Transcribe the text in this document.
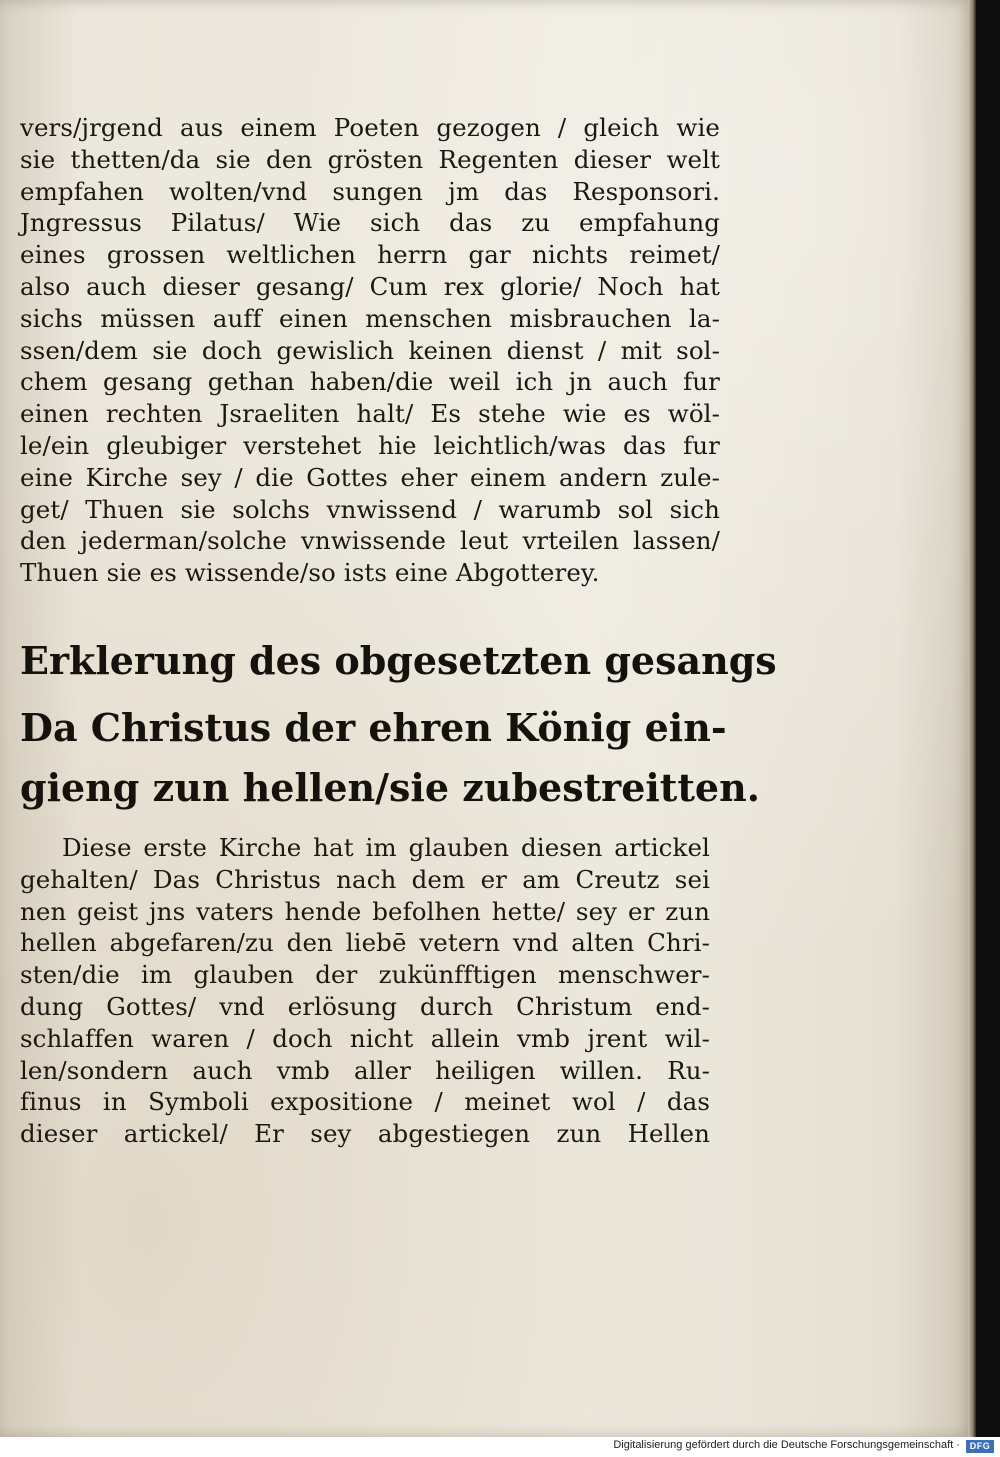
vers/jrgend aus einem Poeten gezogen / gleich wie
sie thetten/da sie den grösten Regenten dieser welt
empfahen wolten/vnd sungen jm das Responsori.
Jngressus Pilatus/ Wie sich das zu empfahung
eines grossen weltlichen herrn gar nichts reimet/
also auch dieser gesang/ Cum rex glorie/ Noch hat
sichs müssen auff einen menschen misbrauchen la-
ssen/dem sie doch gewislich keinen dienst / mit sol-
chem gesang gethan haben/die weil ich jn auch fur
einen rechten Jsraeliten halt/ Es stehe wie es wöl-
le/ein gleubiger verstehet hie leichtlich/was das fur
eine Kirche sey / die Gottes eher einem andern zule-
get/ Thuen sie solchs vnwissend / warumb sol sich
den jederman/solche vnwissende leut vrteilen lassen/
Thuen sie es wissende/so ists eine Abgotterey.
Erklerung des obgesetzten gesangs
Da Christus der ehren König ein-
gieng zun hellen/sie zubestreitten.
Diese erste Kirche hat im glauben diesen artickel
gehalten/ Das Christus nach dem er am Creutz sei
nen geist jns vaters hende befolhen hette/ sey er zun
hellen abgefaren/zu den liebē vetern vnd alten Chri-
sten/die im glauben der zukünfftigen menschwer-
dung Gottes/ vnd erlösung durch Christum end-
schlaffen waren / doch nicht allein vmb jrent wil-
len/sondern auch vmb aller heiligen willen. Ru-
finus in Symboli expositione / meinet wol / das
dieser artickel/ Er sey abgestiegen zun Hellen
Digitalisierung gefördert durch die Deutsche Forschungsgemeinschaft ·	DFG
